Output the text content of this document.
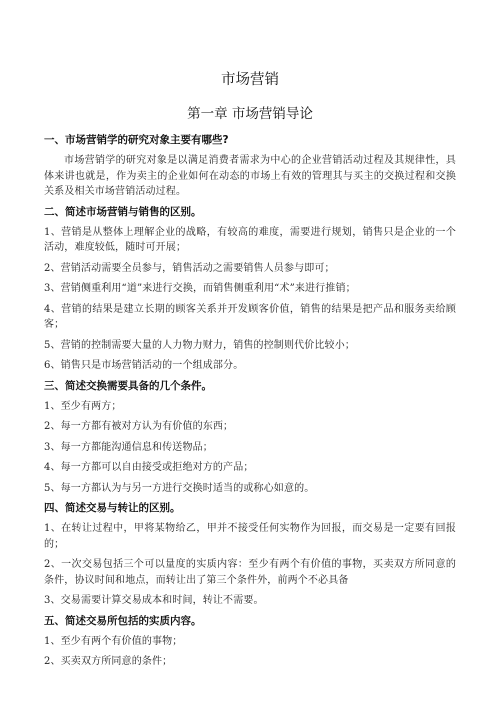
市场营销
第一章 市场营销导论
一、市场营销学的研究对象主要有哪些?
市场营销学的研究对象是以满足消费者需求为中心的企业营销活动过程及其规律性，具体来讲也就是，作为卖主的企业如何在动态的市场上有效的管理其与买主的交换过程和交换关系及相关市场营销活动过程。
二、简述市场营销与销售的区别。
1、营销是从整体上理解企业的战略，有较高的难度，需要进行规划，销售只是企业的一个活动，难度较低，随时可开展；
2、营销活动需要全员参与，销售活动之需要销售人员参与即可；
3、营销侧重利用“道”来进行交换，而销售侧重利用“术”来进行推销；
4、营销的结果是建立长期的顾客关系并开发顾客价值，销售的结果是把产品和服务卖给顾客；
5、营销的控制需要大量的人力物力财力，销售的控制则代价比较小；
6、销售只是市场营销活动的一个组成部分。
三、简述交换需要具备的几个条件。
1、至少有两方；
2、每一方都有被对方认为有价值的东西；
3、每一方都能沟通信息和传送物品；
4、每一方都可以自由接受或拒绝对方的产品；
5、每一方都认为与另一方进行交换时适当的或称心如意的。
四、简述交易与转让的区别。
1、在转让过程中，甲将某物给乙，甲并不接受任何实物作为回报，而交易是一定要有回报的；
2、一次交易包括三个可以量度的实质内容：至少有两个有价值的事物，买卖双方所同意的条件，协议时间和地点，而转让出了第三个条件外，前两个不必具备
3、交易需要计算交易成本和时间，转让不需要。
五、简述交易所包括的实质内容。
1、至少有两个有价值的事物；
2、买卖双方所同意的条件；
